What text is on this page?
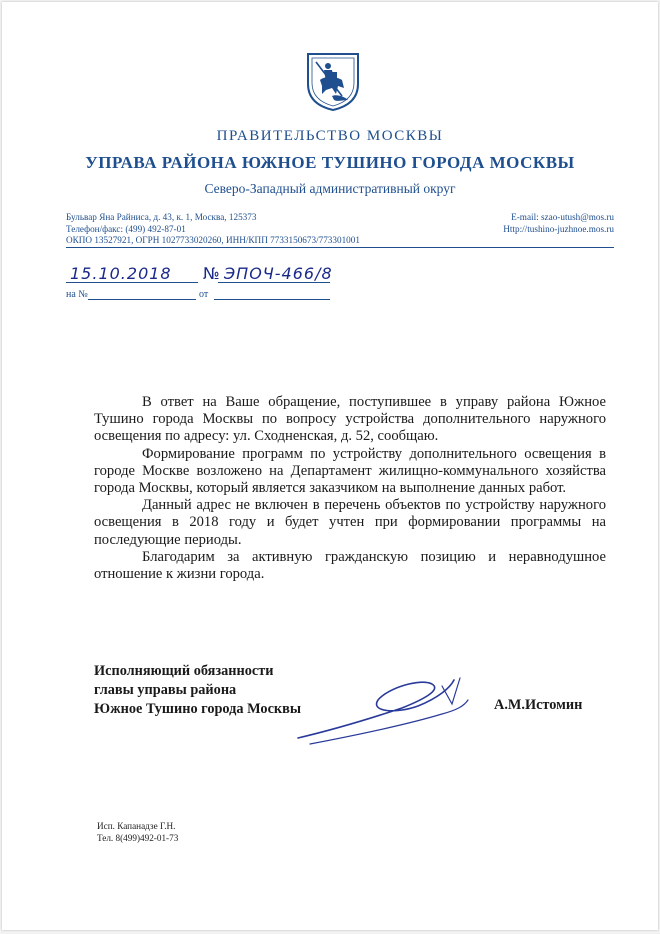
ПРАВИТЕЛЬСТВО МОСКВЫ
УПРАВА РАЙОНА ЮЖНОЕ ТУШИНО ГОРОДА МОСКВЫ
Северо-Западный административный округ
Бульвар Яна Райниса, д. 43, к. 1, Москва, 125373
Телефон/факс: (499) 492-87-01
ОКПО 13527921, ОГРН 1027733020260, ИНН/КПП 7733150673/773301001
E-mail: szao-utush@mos.ru
Http://tushino-juzhnoe.mos.ru
15.10.2018 № ЭПОЧ-466/8
на №	от

В ответ на Ваше обращение, поступившее в управу района Южное Тушино города Москвы по вопросу устройства дополнительного наружного освещения по адресу: ул. Сходненская, д. 52, сообщаю.

Формирование программ по устройству дополнительного освещения в городе Москве возложено на Департамент жилищно-коммунального хозяйства города Москвы, который является заказчиком на выполнение данных работ.

Данный адрес не включен в перечень объектов по устройству наружного освещения в 2018 году и будет учтен при формировании программы на последующие периоды.

Благодарим за активную гражданскую позицию и неравнодушное отношение к жизни города.

Исполняющий обязанности
главы управы района
Южное Тушино города Москвы	А.М.Истомин
Исп. Капанадзе Г.Н.
Тел. 8(499)492-01-73
